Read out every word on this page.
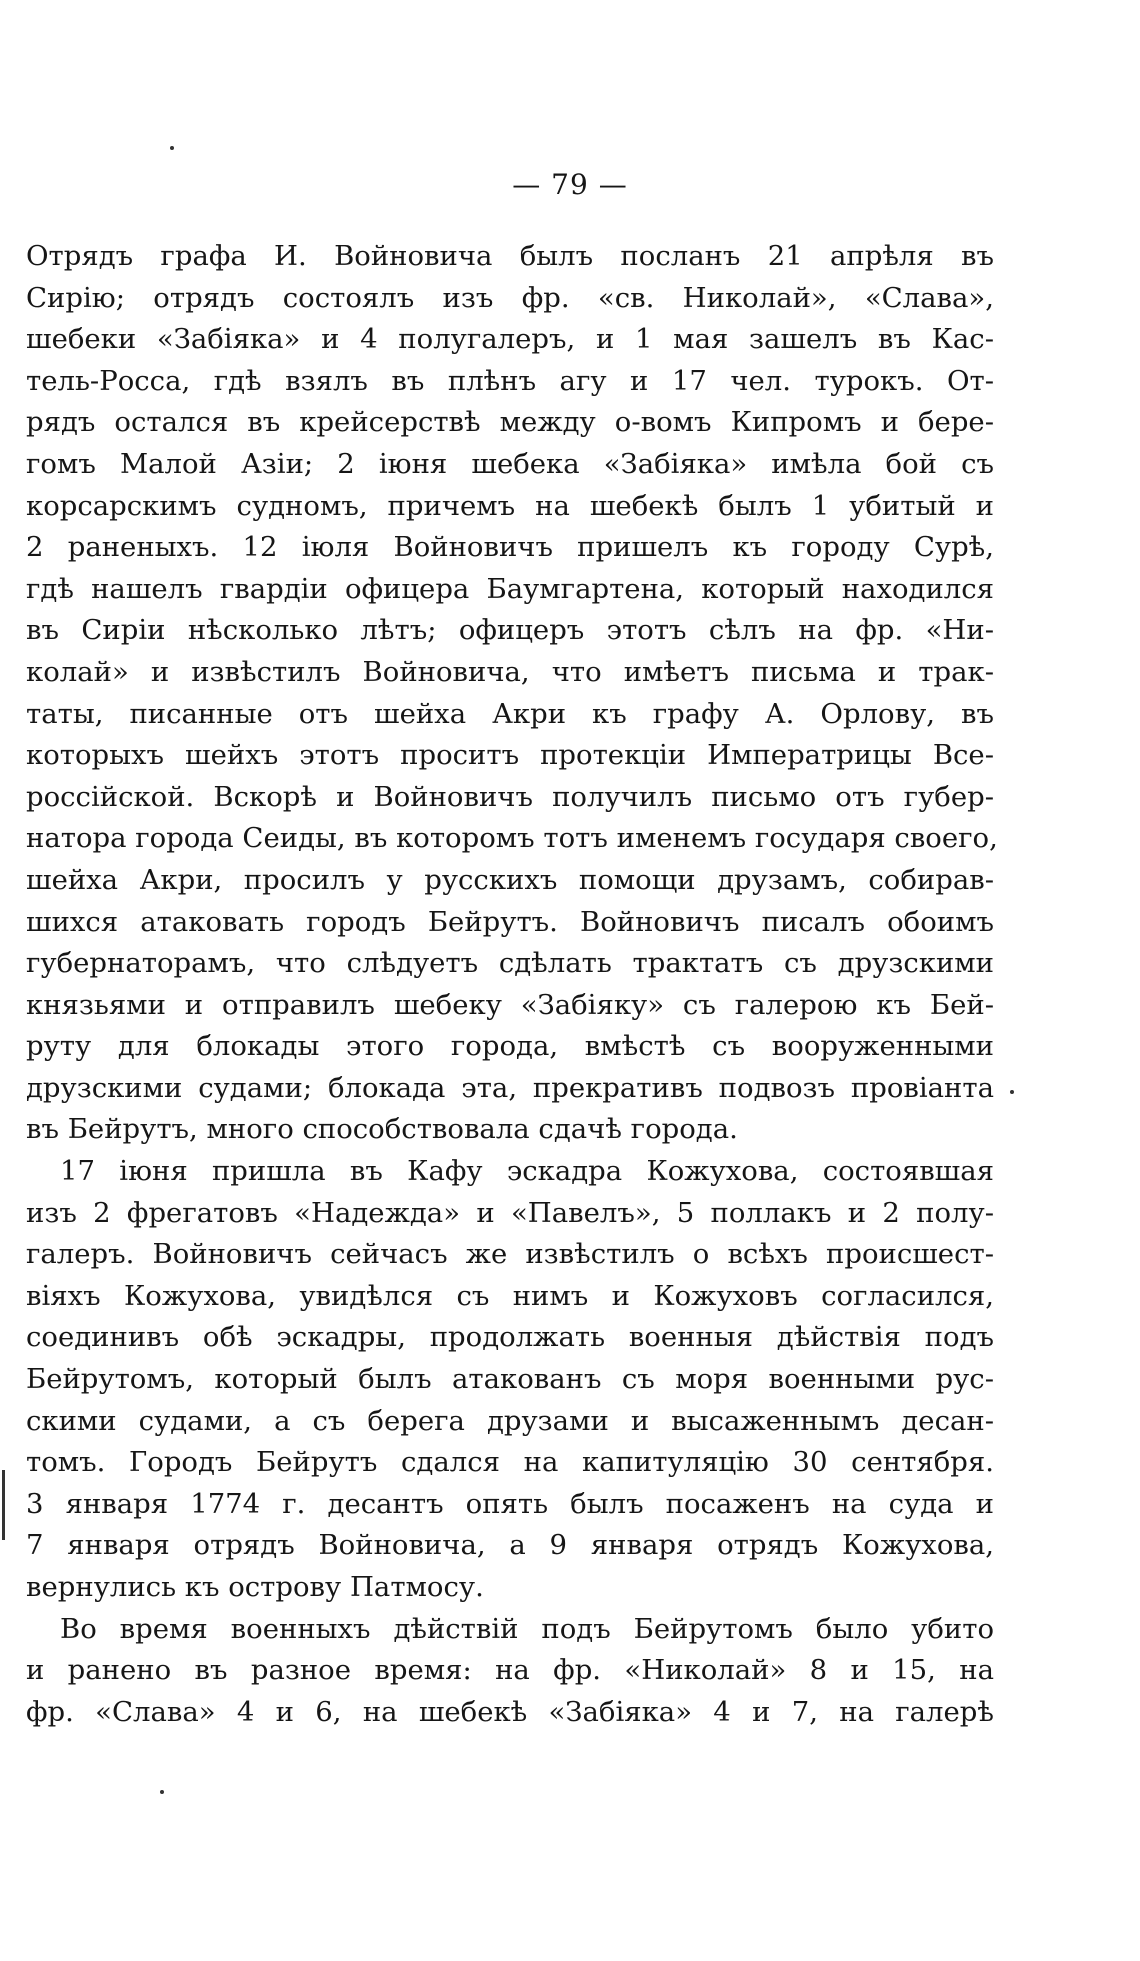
— 79 —
Отрядъ графа И. Войновича былъ посланъ 21 апрѣля въ
Сирію; отрядъ состоялъ изъ фр. «св. Николай», «Слава»,
шебеки «Забіяка» и 4 полугалеръ, и 1 мая зашелъ въ Кас-
тель-Росса, гдѣ взялъ въ плѣнъ агу и 17 чел. турокъ. От-
рядъ остался въ крейсерствѣ между о-вомъ Кипромъ и бере-
гомъ Малой Азіи; 2 іюня шебека «Забіяка» имѣла бой съ
корсарскимъ судномъ, причемъ на шебекѣ былъ 1 убитый и
2 раненыхъ. 12 іюля Войновичъ пришелъ къ городу Сурѣ,
гдѣ нашелъ гвардіи офицера Баумгартена, который находился
въ Сиріи нѣсколько лѣтъ; офицеръ этотъ сѣлъ на фр. «Ни-
колай» и извѣстилъ Войновича, что имѣетъ письма и трак-
таты, писанные отъ шейха Акри къ графу А. Орлову, въ
которыхъ шейхъ этотъ проситъ протекціи Императрицы Все-
россійской. Вскорѣ и Войновичъ получилъ письмо отъ губер-
натора города Сеиды, въ которомъ тотъ именемъ государя своего,
шейха Акри, просилъ у русскихъ помощи друзамъ, собирав-
шихся атаковать городъ Бейрутъ. Войновичъ писалъ обоимъ
губернаторамъ, что слѣдуетъ сдѣлать трактатъ съ друзскими
князьями и отправилъ шебеку «Забіяку» съ галерою къ Бей-
руту для блокады этого города, вмѣстѣ съ вооруженными
друзскими судами; блокада эта, прекративъ подвозъ провіанта
въ Бейрутъ, много способствовала сдачѣ города.
17 іюня пришла въ Кафу эскадра Кожухова, состоявшая
изъ 2 фрегатовъ «Надежда» и «Павелъ», 5 поллакъ и 2 полу-
галеръ. Войновичъ сейчасъ же извѣстилъ о всѣхъ происшест-
віяхъ Кожухова, увидѣлся съ нимъ и Кожуховъ согласился,
соединивъ обѣ эскадры, продолжать военныя дѣйствія подъ
Бейрутомъ, который былъ атакованъ съ моря военными рус-
скими судами, а съ берега друзами и высаженнымъ десан-
томъ. Городъ Бейрутъ сдался на капитуляцію 30 сентября.
3 января 1774 г. десантъ опять былъ посаженъ на суда и
7 января отрядъ Войновича, а 9 января отрядъ Кожухова,
вернулись къ острову Патмосу.
Во время военныхъ дѣйствій подъ Бейрутомъ было убито
и ранено въ разное время: на фр. «Николай» 8 и 15, на
фр. «Слава» 4 и 6, на шебекѣ «Забіяка» 4 и 7, на галерѣ
